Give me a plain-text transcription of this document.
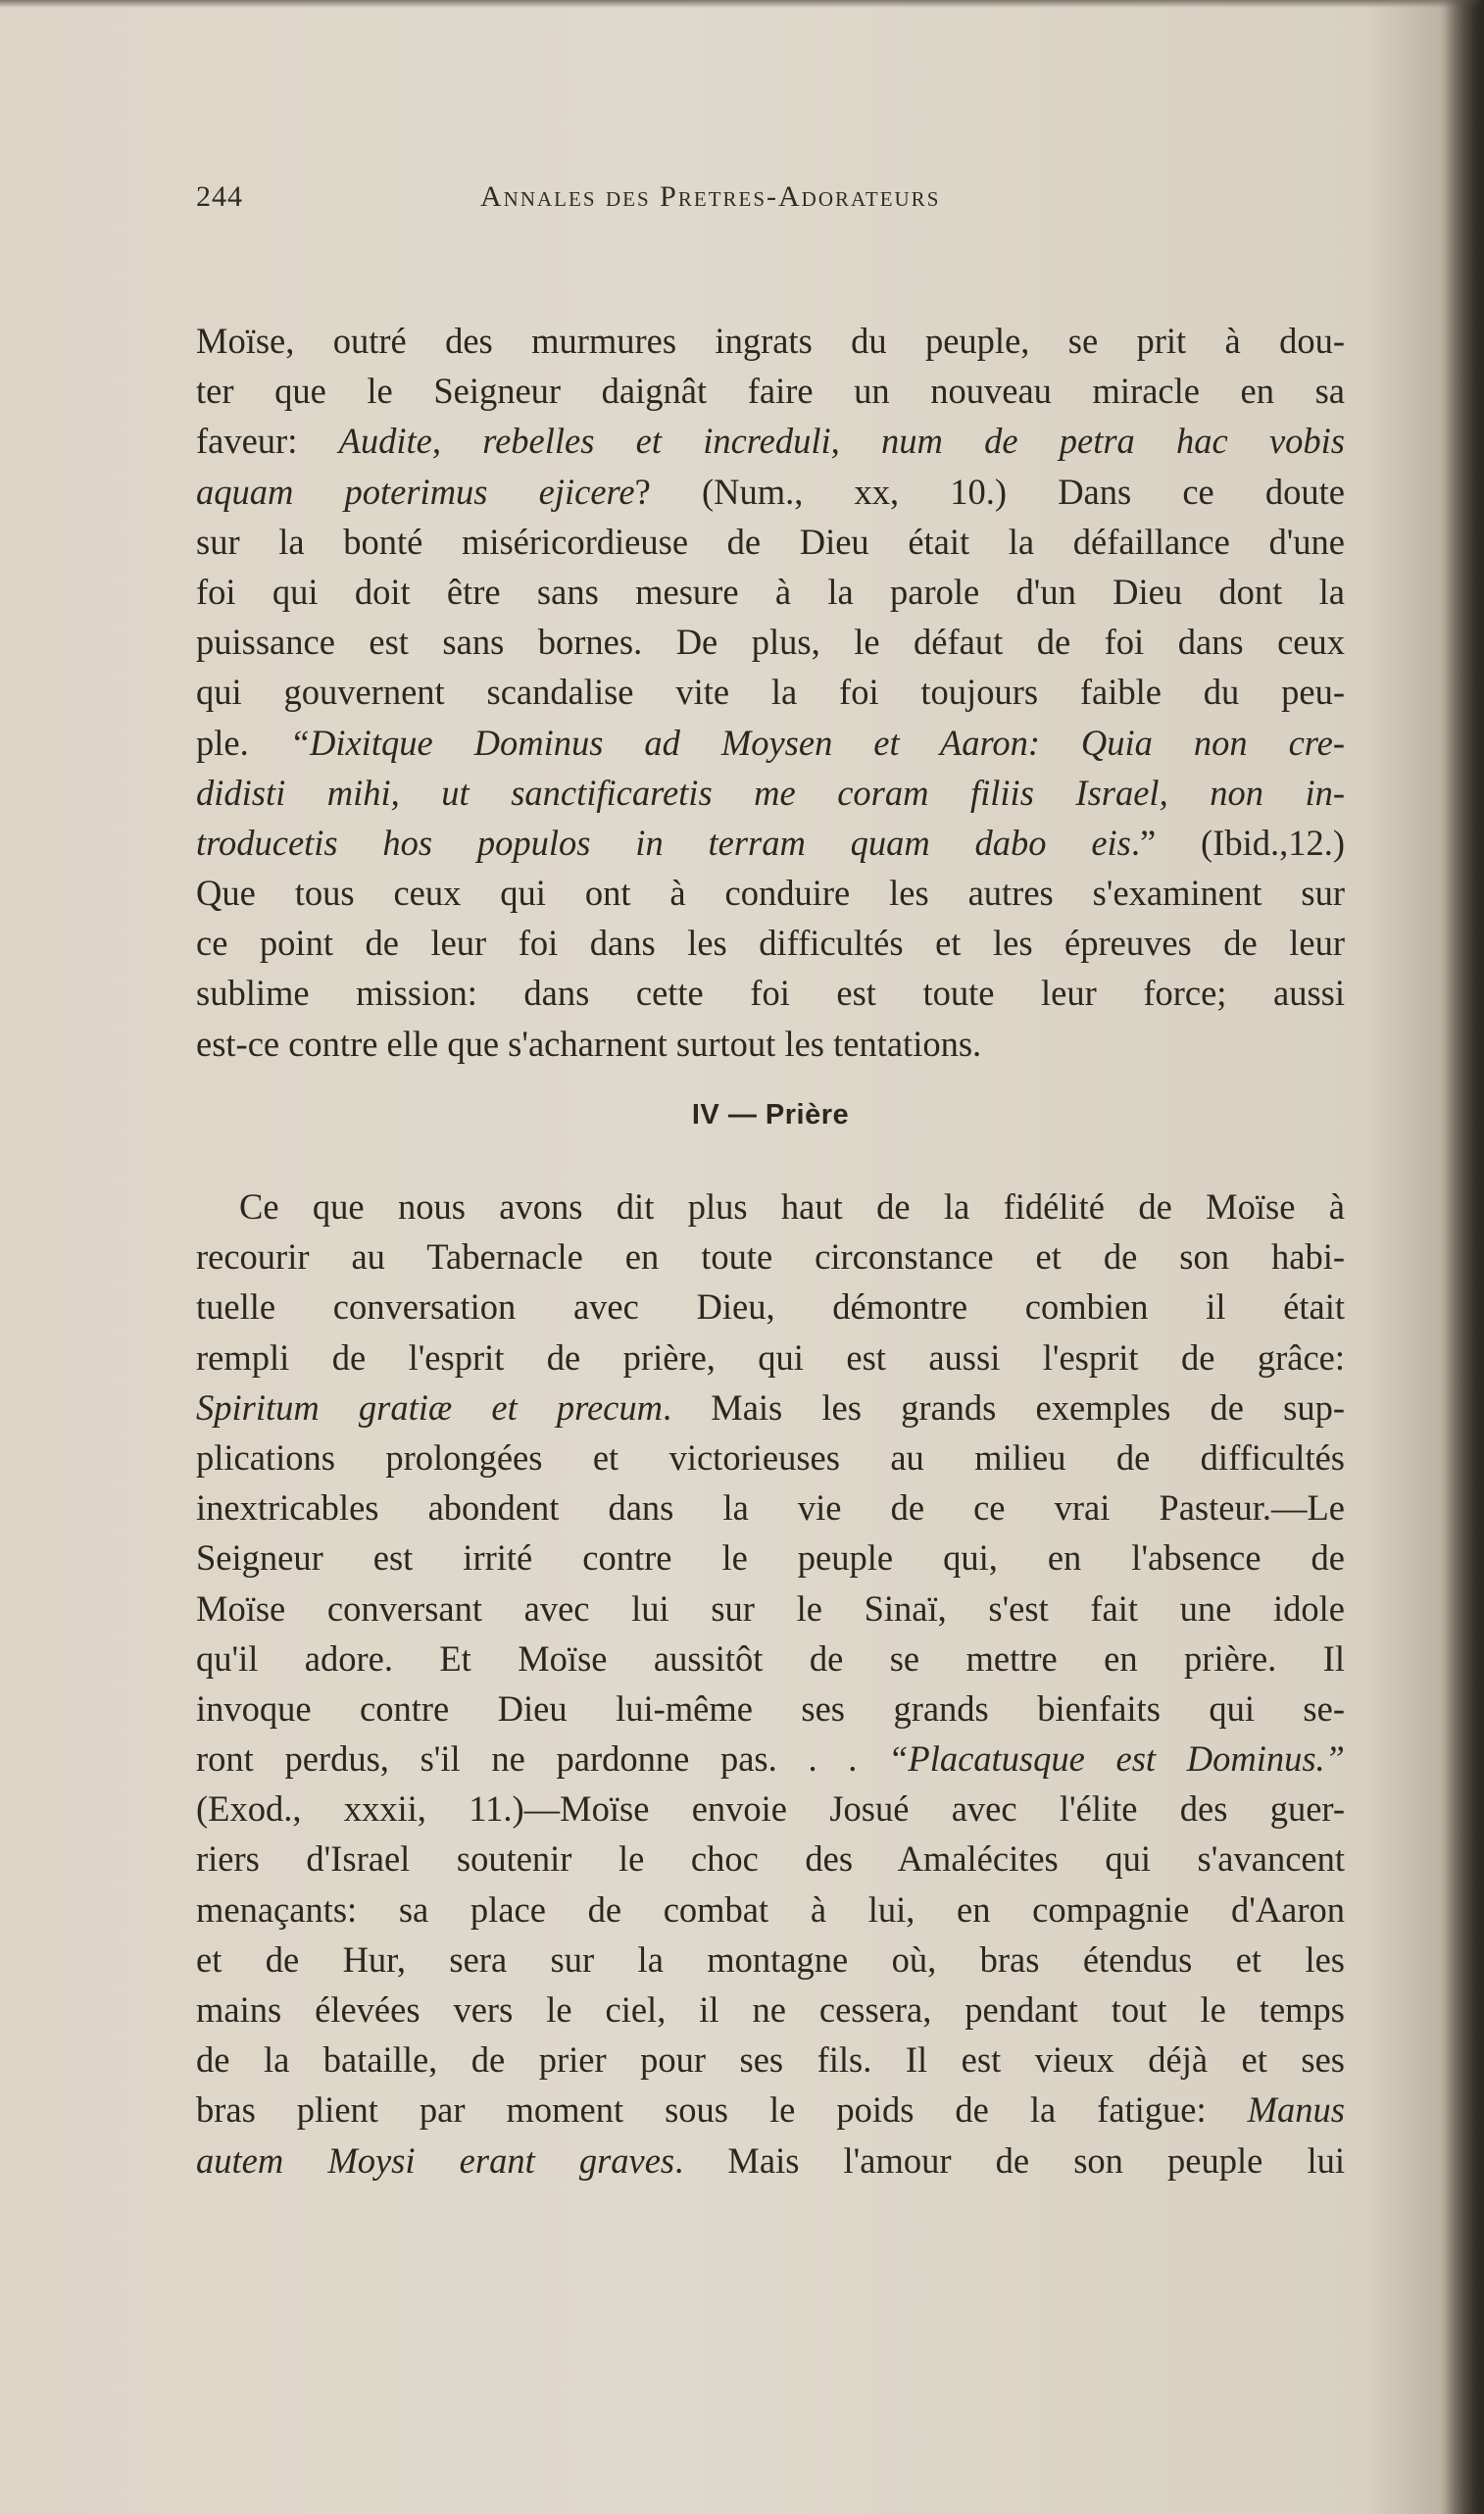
244	Annales des Pretres-Adorateurs
Moïse, outré des murmures ingrats du peuple, se prit à dou-
ter que le Seigneur daignât faire un nouveau miracle en sa
faveur: Audite, rebelles et increduli, num de petra hac vobis
aquam poterimus ejicere? (Num., xx, 10.) Dans ce doute
sur la bonté miséricordieuse de Dieu était la défaillance d'une
foi qui doit être sans mesure à la parole d'un Dieu dont la
puissance est sans bornes. De plus, le défaut de foi dans ceux
qui gouvernent scandalise vite la foi toujours faible du peu-
ple. “Dixitque Dominus ad Moysen et Aaron: Quia non cre-
didisti mihi, ut sanctificaretis me coram filiis Israel, non in-
troducetis hos populos in terram quam dabo eis.” (Ibid.,12.)
Que tous ceux qui ont à conduire les autres s'examinent sur
ce point de leur foi dans les difficultés et les épreuves de leur
sublime mission: dans cette foi est toute leur force; aussi
est-ce contre elle que s'acharnent surtout les tentations.
IV — Prière
Ce que nous avons dit plus haut de la fidélité de Moïse à
recourir au Tabernacle en toute circonstance et de son habi-
tuelle conversation avec Dieu, démontre combien il était
rempli de l'esprit de prière, qui est aussi l'esprit de grâce:
Spiritum gratiæ et precum. Mais les grands exemples de sup-
plications prolongées et victorieuses au milieu de difficultés
inextricables abondent dans la vie de ce vrai Pasteur.—Le
Seigneur est irrité contre le peuple qui, en l'absence de
Moïse conversant avec lui sur le Sinaï, s'est fait une idole
qu'il adore. Et Moïse aussitôt de se mettre en prière. Il
invoque contre Dieu lui-même ses grands bienfaits qui se-
ront perdus, s'il ne pardonne pas. . . “Placatusque est Dominus.”
(Exod., xxxii, 11.)—Moïse envoie Josué avec l'élite des guer-
riers d'Israel soutenir le choc des Amalécites qui s'avancent
menaçants: sa place de combat à lui, en compagnie d'Aaron
et de Hur, sera sur la montagne où, bras étendus et les
mains élevées vers le ciel, il ne cessera, pendant tout le temps
de la bataille, de prier pour ses fils. Il est vieux déjà et ses
bras plient par moment sous le poids de la fatigue: Manus
autem Moysi erant graves. Mais l'amour de son peuple lui
